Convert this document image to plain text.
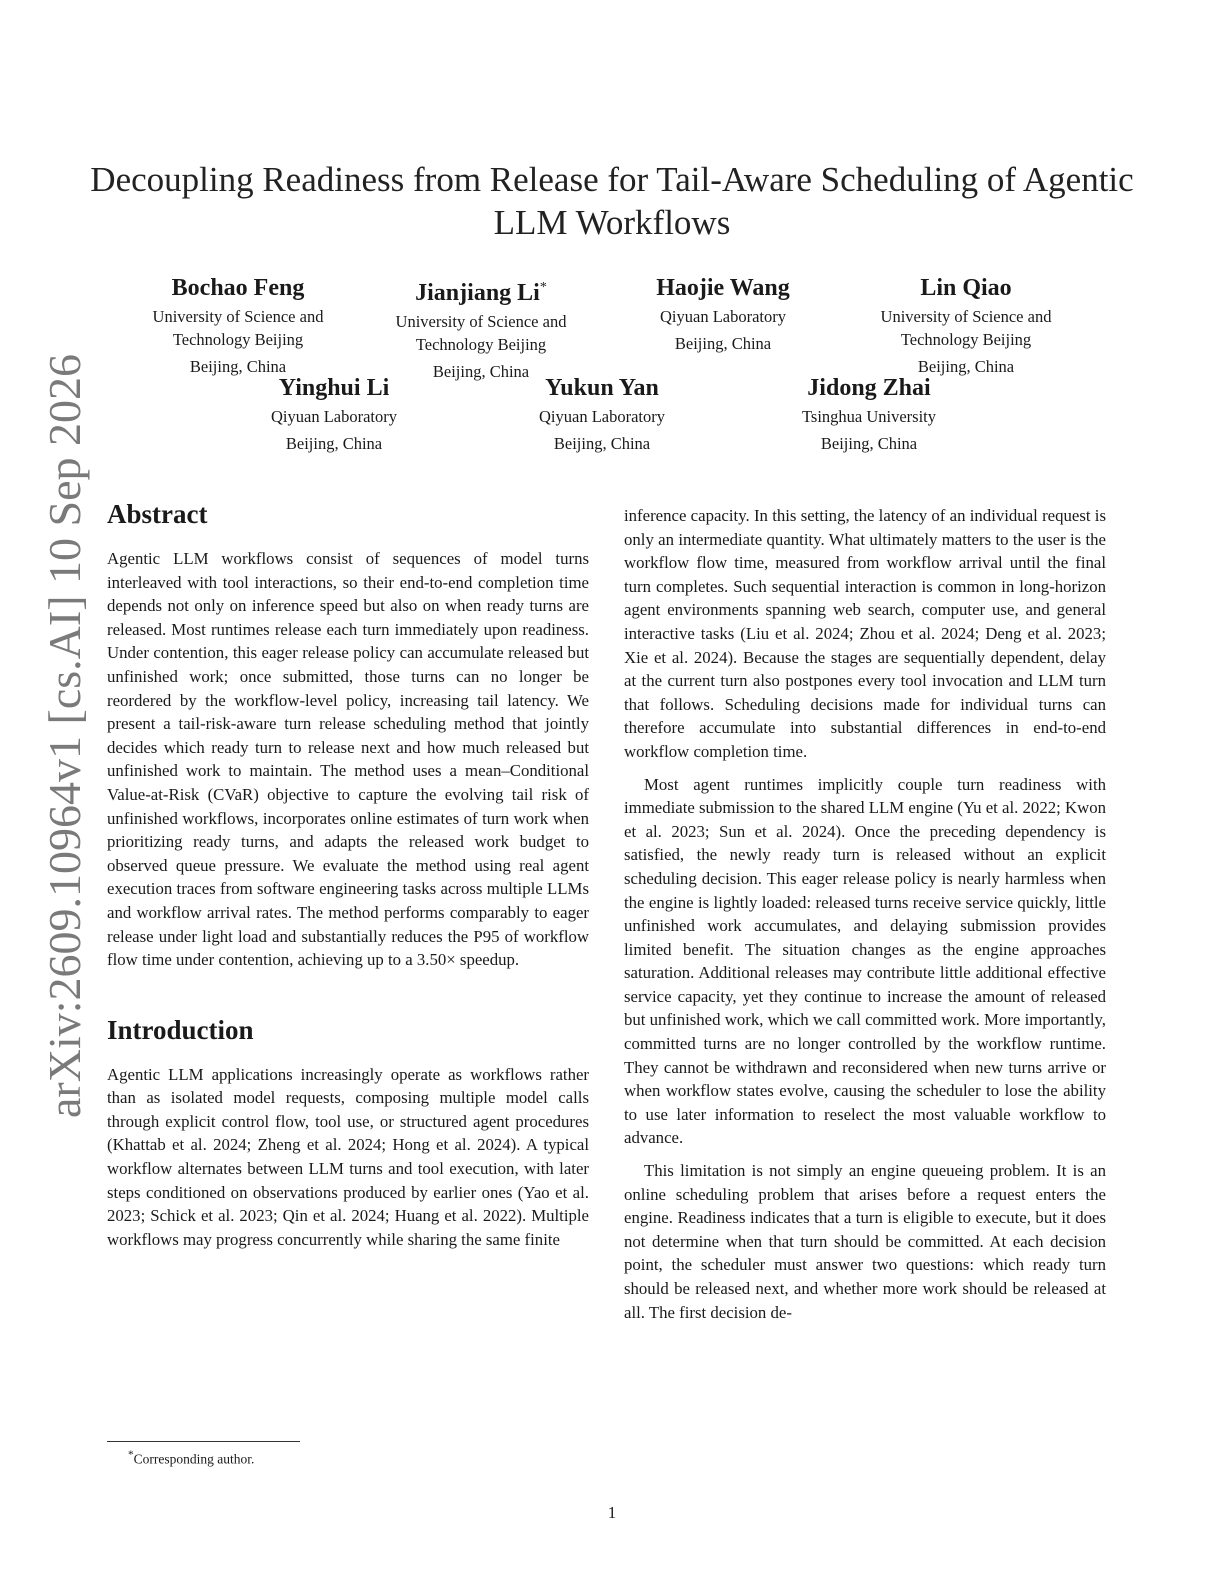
arXiv:2609.10964v1 [cs.AI] 10 Sep 2026
Decoupling Readiness from Release for Tail-Aware Scheduling of Agentic LLM Workflows
Bochao Feng
University of Science and Technology Beijing
Beijing, China
Jianjiang Li*
University of Science and Technology Beijing
Beijing, China
Haojie Wang
Qiyuan Laboratory
Beijing, China
Lin Qiao
University of Science and Technology Beijing
Beijing, China
Yinghui Li
Qiyuan Laboratory
Beijing, China
Yukun Yan
Qiyuan Laboratory
Beijing, China
Jidong Zhai
Tsinghua University
Beijing, China
Abstract

Agentic LLM workflows consist of sequences of model turns interleaved with tool interactions, so their end-to-end completion time depends not only on inference speed but also on when ready turns are released. Most runtimes release each turn immediately upon readiness. Under contention, this eager release policy can accumulate released but unfinished work; once submitted, those turns can no longer be reordered by the workflow-level policy, increasing tail latency. We present a tail-risk-aware turn release scheduling method that jointly decides which ready turn to release next and how much released but unfinished work to maintain. The method uses a mean–Conditional Value-at-Risk (CVaR) objective to capture the evolving tail risk of unfinished workflows, incorporates online estimates of turn work when prioritizing ready turns, and adapts the released work budget to observed queue pressure. We evaluate the method using real agent execution traces from software engineering tasks across multiple LLMs and workflow arrival rates. The method performs comparably to eager release under light load and substantially reduces the P95 of workflow flow time under contention, achieving up to a 3.50× speedup.

Introduction

Agentic LLM applications increasingly operate as workflows rather than as isolated model requests, composing multiple model calls through explicit control flow, tool use, or structured agent procedures (Khattab et al. 2024; Zheng et al. 2024; Hong et al. 2024). A typical workflow alternates between LLM turns and tool execution, with later steps conditioned on observations produced by earlier ones (Yao et al. 2023; Schick et al. 2023; Qin et al. 2024; Huang et al. 2022). Multiple workflows may progress concurrently while sharing the same finite

inference capacity. In this setting, the latency of an individual request is only an intermediate quantity. What ultimately matters to the user is the workflow flow time, measured from workflow arrival until the final turn completes. Such sequential interaction is common in long-horizon agent environments spanning web search, computer use, and general interactive tasks (Liu et al. 2024; Zhou et al. 2024; Deng et al. 2023; Xie et al. 2024). Because the stages are sequentially dependent, delay at the current turn also postpones every tool invocation and LLM turn that follows. Scheduling decisions made for individual turns can therefore accumulate into substantial differences in end-to-end workflow completion time.

Most agent runtimes implicitly couple turn readiness with immediate submission to the shared LLM engine (Yu et al. 2022; Kwon et al. 2023; Sun et al. 2024). Once the preceding dependency is satisfied, the newly ready turn is released without an explicit scheduling decision. This eager release policy is nearly harmless when the engine is lightly loaded: released turns receive service quickly, little unfinished work accumulates, and delaying submission provides limited benefit. The situation changes as the engine approaches saturation. Additional releases may contribute little additional effective service capacity, yet they continue to increase the amount of released but unfinished work, which we call committed work. More importantly, committed turns are no longer controlled by the workflow runtime. They cannot be withdrawn and reconsidered when new turns arrive or when workflow states evolve, causing the scheduler to lose the ability to use later information to reselect the most valuable workflow to advance.

This limitation is not simply an engine queueing problem. It is an online scheduling problem that arises before a request enters the engine. Readiness indicates that a turn is eligible to execute, but it does not determine when that turn should be committed. At each decision point, the scheduler must answer two questions: which ready turn should be released next, and whether more work should be released at all. The first decision de-

*Corresponding author.
1
